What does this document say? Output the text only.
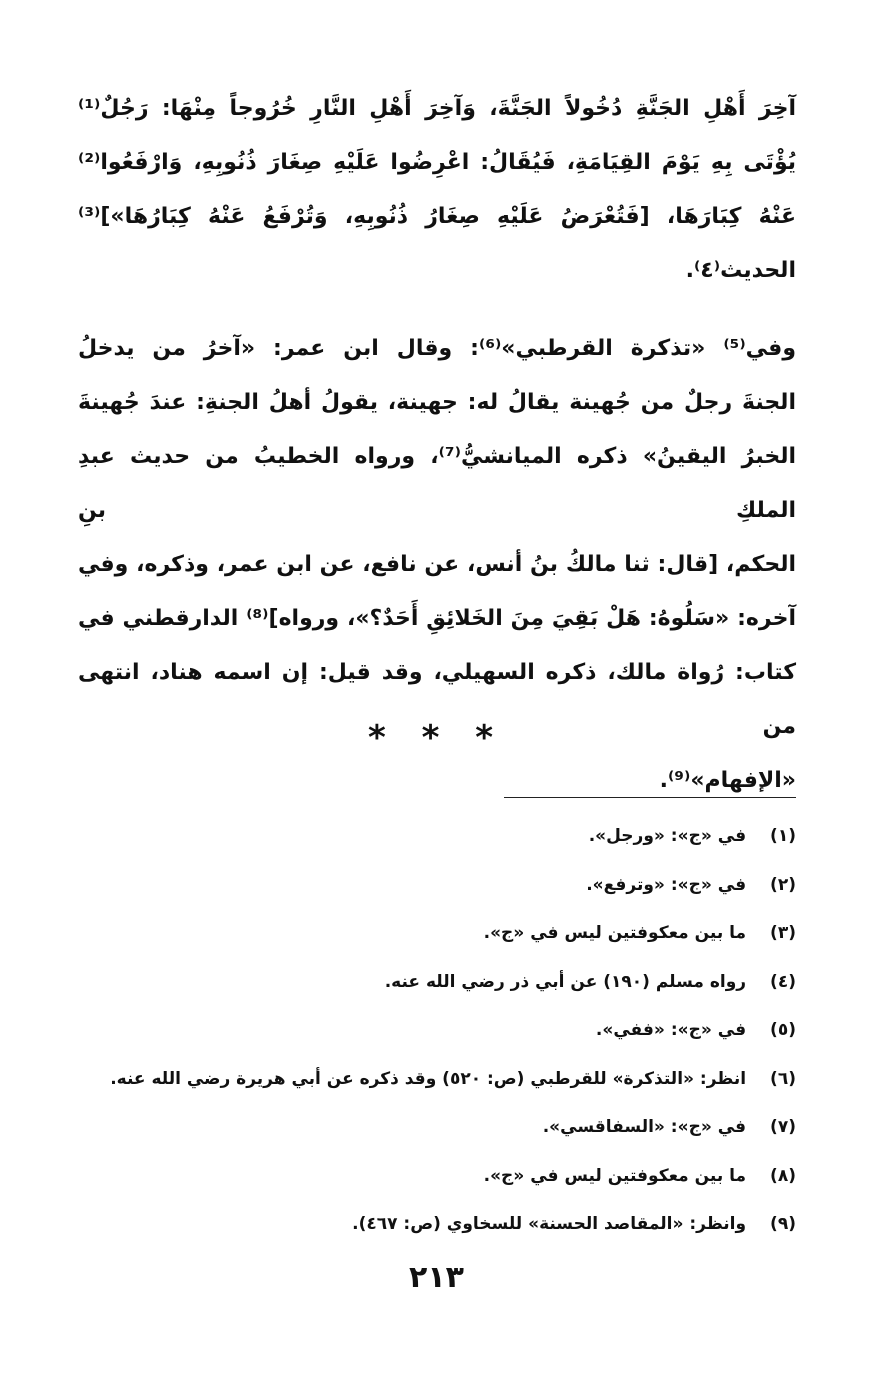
آخِرَ أَهْلِ الجَنَّةِ دُخُولاً الجَنَّةَ، وَآخِرَ أَهْلِ النَّارِ خُرُوجاً مِنْهَا: رَجُلٌ⁽¹⁾
يُؤْتَى بِهِ يَوْمَ القِيَامَةِ، فَيُقَالُ: اعْرِضُوا عَلَيْهِ صِغَارَ ذُنُوبِهِ، وَارْفَعُوا⁽²⁾
عَنْهُ كِبَارَهَا، [فَتُعْرَضُ عَلَيْهِ صِغَارُ ذُنُوبِهِ، وَتُرْفَعُ عَنْهُ كِبَارُهَا»]⁽³⁾
الحديث⁽٤⁾.
وفي⁽⁵⁾ «تذكرة القرطبي»⁽⁶⁾: وقال ابن عمر: «آخرُ من يدخلُ
الجنةَ رجلٌ من جُهينة يقالُ له: جهينة، يقولُ أهلُ الجنةِ: عندَ جُهينةَ
الخبرُ اليقينُ» ذكره الميانشيُّ⁽⁷⁾، ورواه الخطيبُ من حديث عبدِ الملكِ بنِ
الحكم، [قال: ثنا مالكُ بنُ أنس، عن نافع، عن ابن عمر، وذكره، وفي
آخره: «سَلُوهُ: هَلْ بَقِيَ مِنَ الخَلائِقِ أَحَدٌ؟»، ورواه]⁽⁸⁾ الدارقطني في
كتاب: رُواة مالك، ذكره السهيلي، وقد قيل: إن اسمه هناد، انتهى من
«الإفهام»⁽⁹⁾.
* * *
(١) في «ج»: «ورجل».
(٢) في «ج»: «وترفع».
(٣) ما بين معكوفتين ليس في «ج».
(٤) رواه مسلم (١٩٠) عن أبي ذر رضي الله عنه.
(٥) في «ج»: «ففي».
(٦) انظر: «التذكرة» للقرطبي (ص: ٥٢٠) وقد ذكره عن أبي هريرة رضي الله عنه.
(٧) في «ج»: «السفاقسي».
(٨) ما بين معكوفتين ليس في «ج».
(٩) وانظر: «المقاصد الحسنة» للسخاوي (ص: ٤٦٧).
٢١٣
